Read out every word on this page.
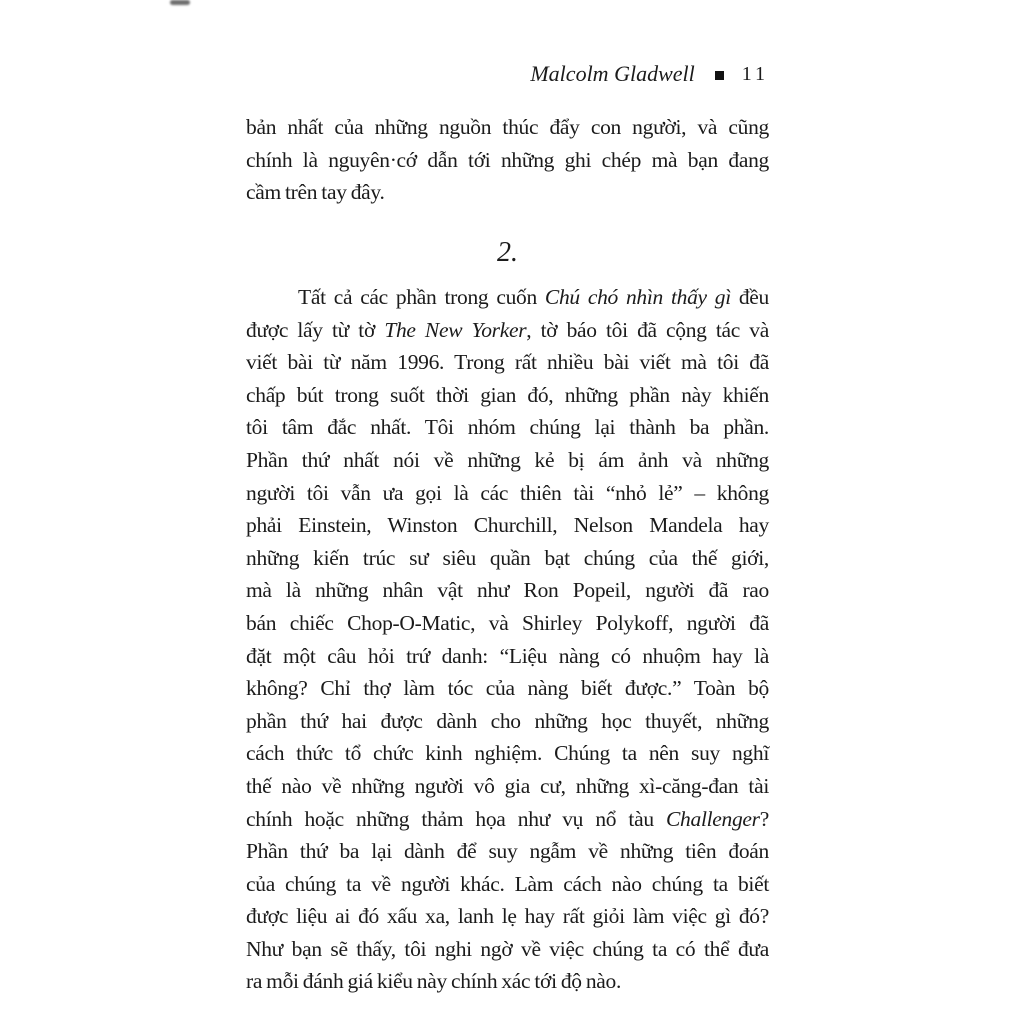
Malcolm Gladwell 11
bản nhất của những nguồn thúc đẩy con người, và cũng
chính là nguyên·cớ dẫn tới những ghi chép mà bạn đang
cầm trên tay đây.
2.
Tất cả các phần trong cuốn Chú chó nhìn thấy gì đều
được lấy từ tờ The New Yorker, tờ báo tôi đã cộng tác và
viết bài từ năm 1996. Trong rất nhiều bài viết mà tôi đã
chấp bút trong suốt thời gian đó, những phần này khiến
tôi tâm đắc nhất. Tôi nhóm chúng lại thành ba phần.
Phần thứ nhất nói về những kẻ bị ám ảnh và những
người tôi vẫn ưa gọi là các thiên tài “nhỏ lẻ” – không
phải Einstein, Winston Churchill, Nelson Mandela hay
những kiến trúc sư siêu quần bạt chúng của thế giới,
mà là những nhân vật như Ron Popeil, người đã rao
bán chiếc Chop-O-Matic, và Shirley Polykoff, người đã
đặt một câu hỏi trứ danh: “Liệu nàng có nhuộm hay là
không? Chỉ thợ làm tóc của nàng biết được.” Toàn bộ
phần thứ hai được dành cho những học thuyết, những
cách thức tổ chức kinh nghiệm. Chúng ta nên suy nghĩ
thế nào về những người vô gia cư, những xì-căng-đan tài
chính hoặc những thảm họa như vụ nổ tàu Challenger?
Phần thứ ba lại dành để suy ngẫm về những tiên đoán
của chúng ta về người khác. Làm cách nào chúng ta biết
được liệu ai đó xấu xa, lanh lẹ hay rất giỏi làm việc gì đó?
Như bạn sẽ thấy, tôi nghi ngờ về việc chúng ta có thể đưa
ra mỗi đánh giá kiểu này chính xác tới độ nào.
